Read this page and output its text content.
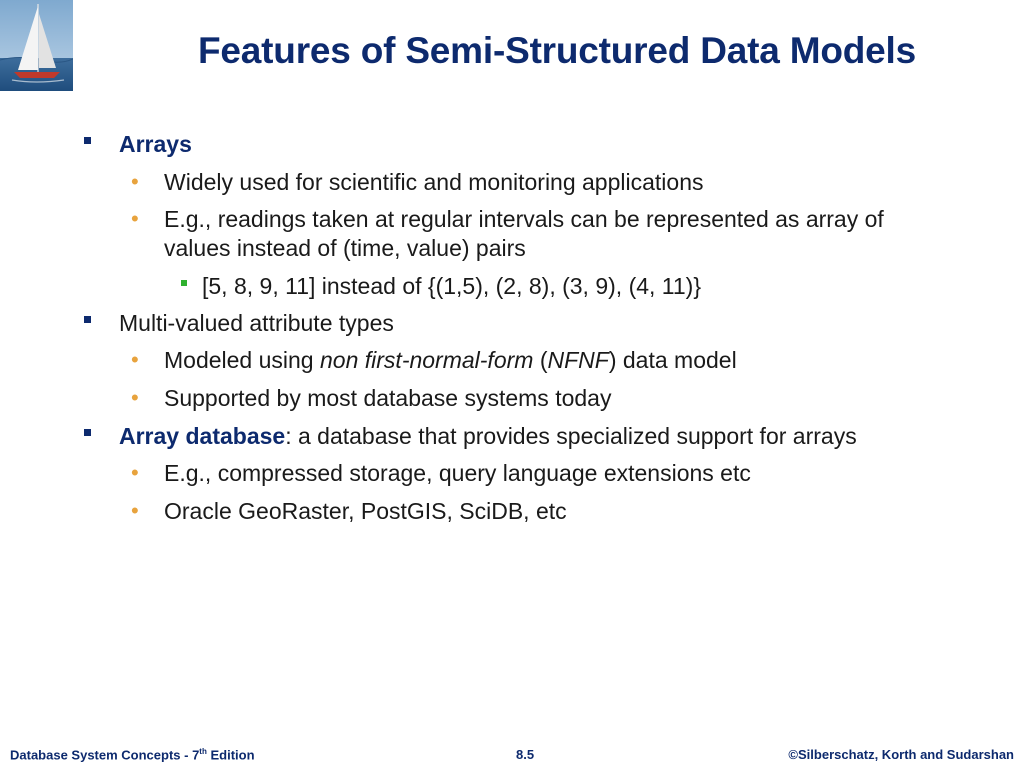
Features of Semi-Structured Data Models
Arrays
• Widely used for scientific and monitoring applications
• E.g., readings taken at regular intervals can be represented as array of
values instead of (time, value) pairs
[5, 8, 9, 11] instead of {(1,5), (2, 8), (3, 9), (4, 11)}
Multi-valued attribute types
• Modeled using non first-normal-form (NFNF) data model
• Supported by most database systems today
Array database: a database that provides specialized support for arrays
• E.g., compressed storage, query language extensions etc
• Oracle GeoRaster, PostGIS, SciDB, etc
Database System Concepts - 7th Edition	8.5	©Silberschatz, Korth and Sudarshan
